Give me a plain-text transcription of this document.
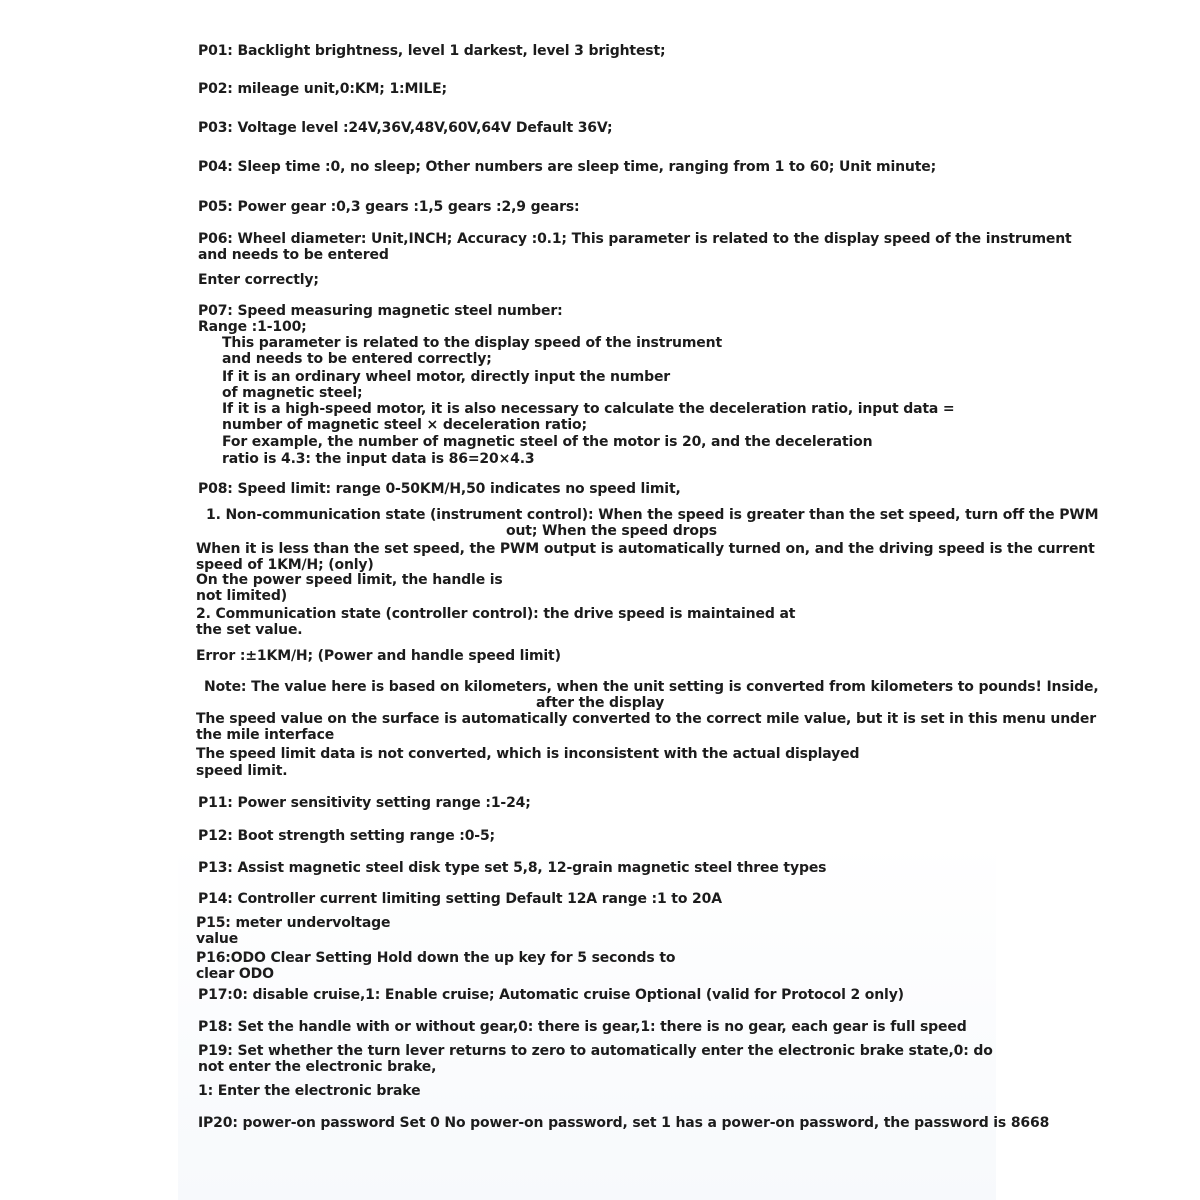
P01: Backlight brightness, level 1 darkest, level 3 brightest;

P02: mileage unit,0:KM; 1:MILE;

P03: Voltage level :24V,36V,48V,60V,64V Default 36V;

P04: Sleep time :0, no sleep; Other numbers are sleep time, ranging from 1 to 60; Unit minute;

P05: Power gear :0,3 gears :1,5 gears :2,9 gears:

P06: Wheel diameter: Unit,INCH; Accuracy :0.1; This parameter is related to the display speed of the instrument

and needs to be entered

Enter correctly;

P07: Speed measuring magnetic steel number:

Range :1-100;

This parameter is related to the display speed of the instrument

and needs to be entered correctly;

If it is an ordinary wheel motor, directly input the number

of magnetic steel;

If it is a high-speed motor, it is also necessary to calculate the deceleration ratio, input data =

number of magnetic steel × deceleration ratio;

For example, the number of magnetic steel of the motor is 20, and the deceleration

ratio is 4.3: the input data is 86=20×4.3

P08: Speed limit: range 0-50KM/H,50 indicates no speed limit,

1. Non-communication state (instrument control): When the speed is greater than the set speed, turn off the PWM

out; When the speed drops

When it is less than the set speed, the PWM output is automatically turned on, and the driving speed is the current

speed of 1KM/H; (only)

On the power speed limit, the handle is

not limited)

2. Communication state (controller control): the drive speed is maintained at

the set value.

Error :±1KM/H; (Power and handle speed limit)

Note: The value here is based on kilometers, when the unit setting is converted from kilometers to pounds! Inside,

after the display

The speed value on the surface is automatically converted to the correct mile value, but it is set in this menu under

the mile interface

The speed limit data is not converted, which is inconsistent with the actual displayed

speed limit.

P11: Power sensitivity setting range :1-24;

P12: Boot strength setting range :0-5;

P13: Assist magnetic steel disk type set 5,8, 12-grain magnetic steel three types

P14: Controller current limiting setting Default 12A range :1 to 20A

P15: meter undervoltage

value

P16:ODO Clear Setting Hold down the up key for 5 seconds to

clear ODO

P17:0: disable cruise,1: Enable cruise; Automatic cruise Optional (valid for Protocol 2 only)

P18: Set the handle with or without gear,0: there is gear,1: there is no gear, each gear is full speed

P19: Set whether the turn lever returns to zero to automatically enter the electronic brake state,0: do

not enter the electronic brake,

1: Enter the electronic brake

IP20: power-on password Set 0 No power-on password, set 1 has a power-on password, the password is 8668
